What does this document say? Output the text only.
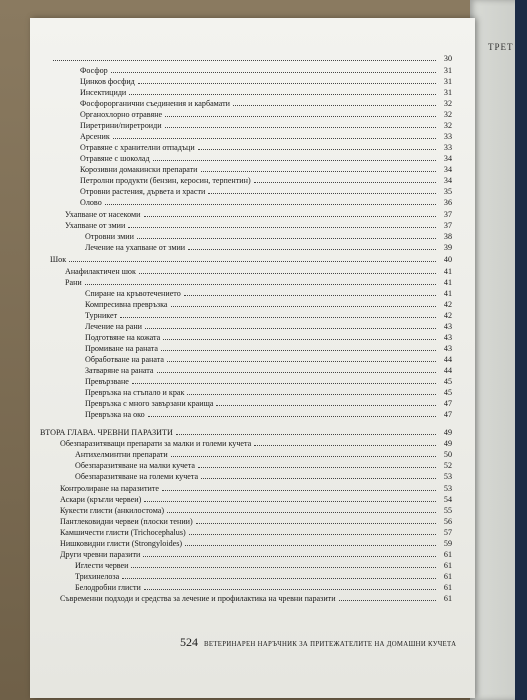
ТРЕТ
30
Фосфор	31
Цинков фосфид	31
Инсектициди	31
Фосфорорганични съединения и карбамати	32
Органохлорно отравяне	32
Пиретрини/пиретроиди	32
Арсеник	33
Отравяне с хранителни отпадъци	33
Отравяне с шоколад	34
Корозивни домакински препарати	34
Петролни продукти (бензин, керосин, терпентин)	34
Отровни растения, дървета и храсти	35
Олово	36
Ухапване от насекоми	37
Ухапване от змии	37
Отровни змии	38
Лечение на ухапване от змии	39
Шок	40
Анафилактичен шок	41
Рани	41
Спиране на кръвотечението	41
Компресивна превръзка	42
Турникет	42
Лечение на рани	43
Подготвяне на кожата	43
Промиване на раната	43
Обработване на раната	44
Затваряне на раната	44
Превързване	45
Превръзка на стъпало и крак	45
Превръзка с много завързани краища	47
Превръзка на око	47
ВТОРА ГЛАВА. ЧРЕВНИ ПАРАЗИТИ	49
Обезпаразитяващи препарати за малки и големи кучета	49
Антихелминтни препарати	50
Обезпаразитяване на малки кучета	52
Обезпаразитяване на големи кучета	53
Контролиране на паразитите	53
Аскари (кръгли червеи)	54
Кукести глисти (анкилостома)	55
Пантлековидни червеи (плоски тении)	56
Камшичести глисти (Trichocephalus)	57
Нишковидни глисти (Strongyloides)	59
Други чревни паразити	61
Иглести червеи	61
Трихинелоза	61
Белодробни глисти	61
Съвременни подходи и средства за лечение и профилактика на чревни паразити	61
524 ВЕТЕРИНАРЕН НАРЪЧНИК ЗА ПРИТЕЖАТЕЛИТЕ НА ДОМАШНИ КУЧЕТА
